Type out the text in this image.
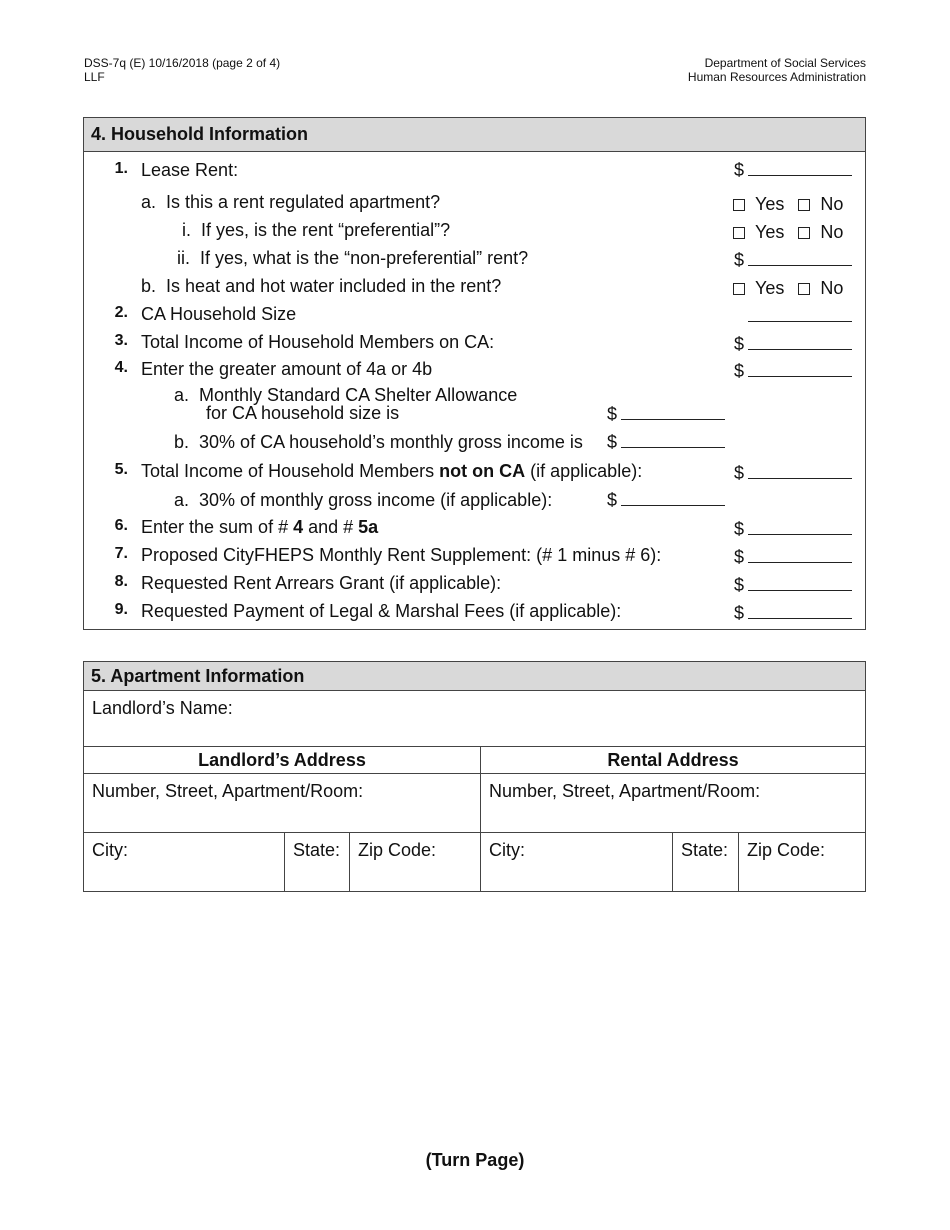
DSS-7q (E) 10/16/2018 (page 2 of 4)
LLF
Department of Social Services
Human Resources Administration
4. Household Information
1. Lease Rent:	$
a. Is this a rent regulated apartment?	Yes No
i. If yes, is the rent “preferential”?	Yes No
ii. If yes, what is the “non-preferential” rent?	$
b. Is heat and hot water included in the rent?	Yes No
2. CA Household Size
3. Total Income of Household Members on CA:	$
4. Enter the greater amount of 4a or 4b	$
a. Monthly Standard CA Shelter Allowance
for CA household size is	$
b. 30% of CA household’s monthly gross income is $
5. Total Income of Household Members not on CA (if applicable):	$
a. 30% of monthly gross income (if applicable):	$
6. Enter the sum of # 4 and # 5a	$
7. Proposed CityFHEPS Monthly Rent Supplement: (# 1 minus # 6):	$
8. Requested Rent Arrears Grant (if applicable):	$
9. Requested Payment of Legal & Marshal Fees (if applicable):	$
5. Apartment Information
Landlord’s Name:
Landlord’s Address	Rental Address
Number, Street, Apartment/Room:	Number, Street, Apartment/Room:
City:	State: Zip Code:	City:	State:	Zip Code:
(Turn Page)
